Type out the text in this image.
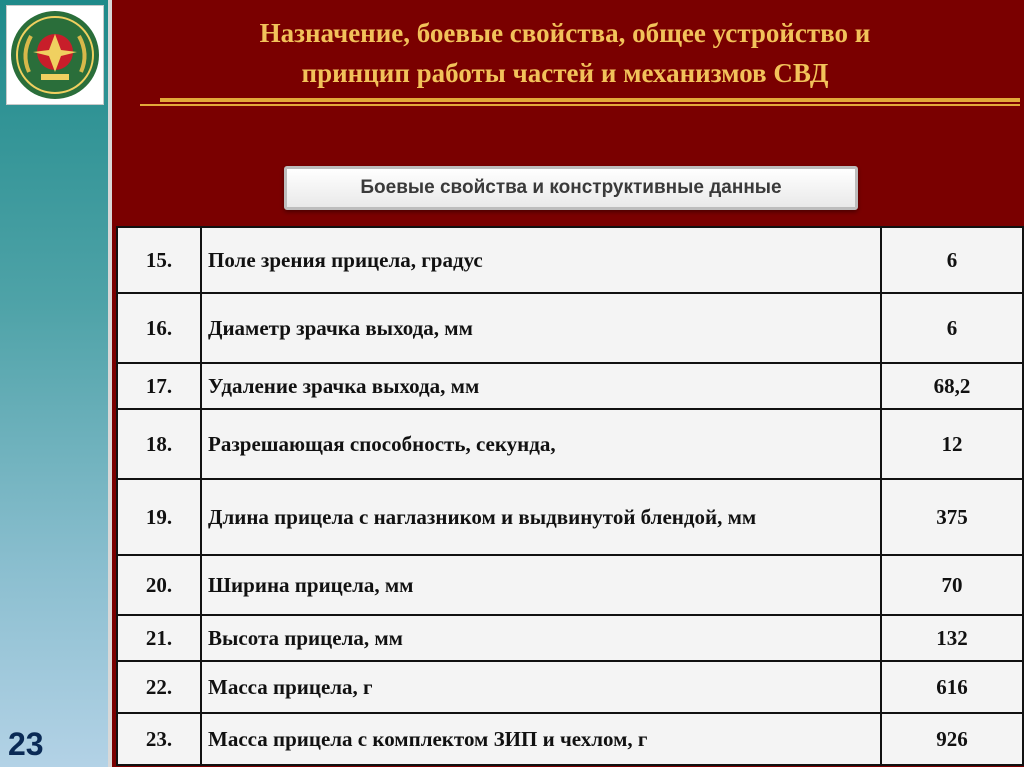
23
Назначение, боевые свойства, общее устройство и
принцип работы частей и механизмов СВД
Боевые свойства и конструктивные данные
15.	Поле зрения прицела, градус	6
16.	Диаметр зрачка выхода, мм	6
17.	Удаление зрачка выхода, мм	68,2
18.	Разрешающая способность, секунда,	12
19.	Длина прицела с наглазником и выдвинутой блендой, мм	375
20.	Ширина прицела, мм	70
21.	Высота прицела, мм	132
22.	Масса прицела, г	616
23.	Масса прицела с комплектом ЗИП и чехлом, г	926
